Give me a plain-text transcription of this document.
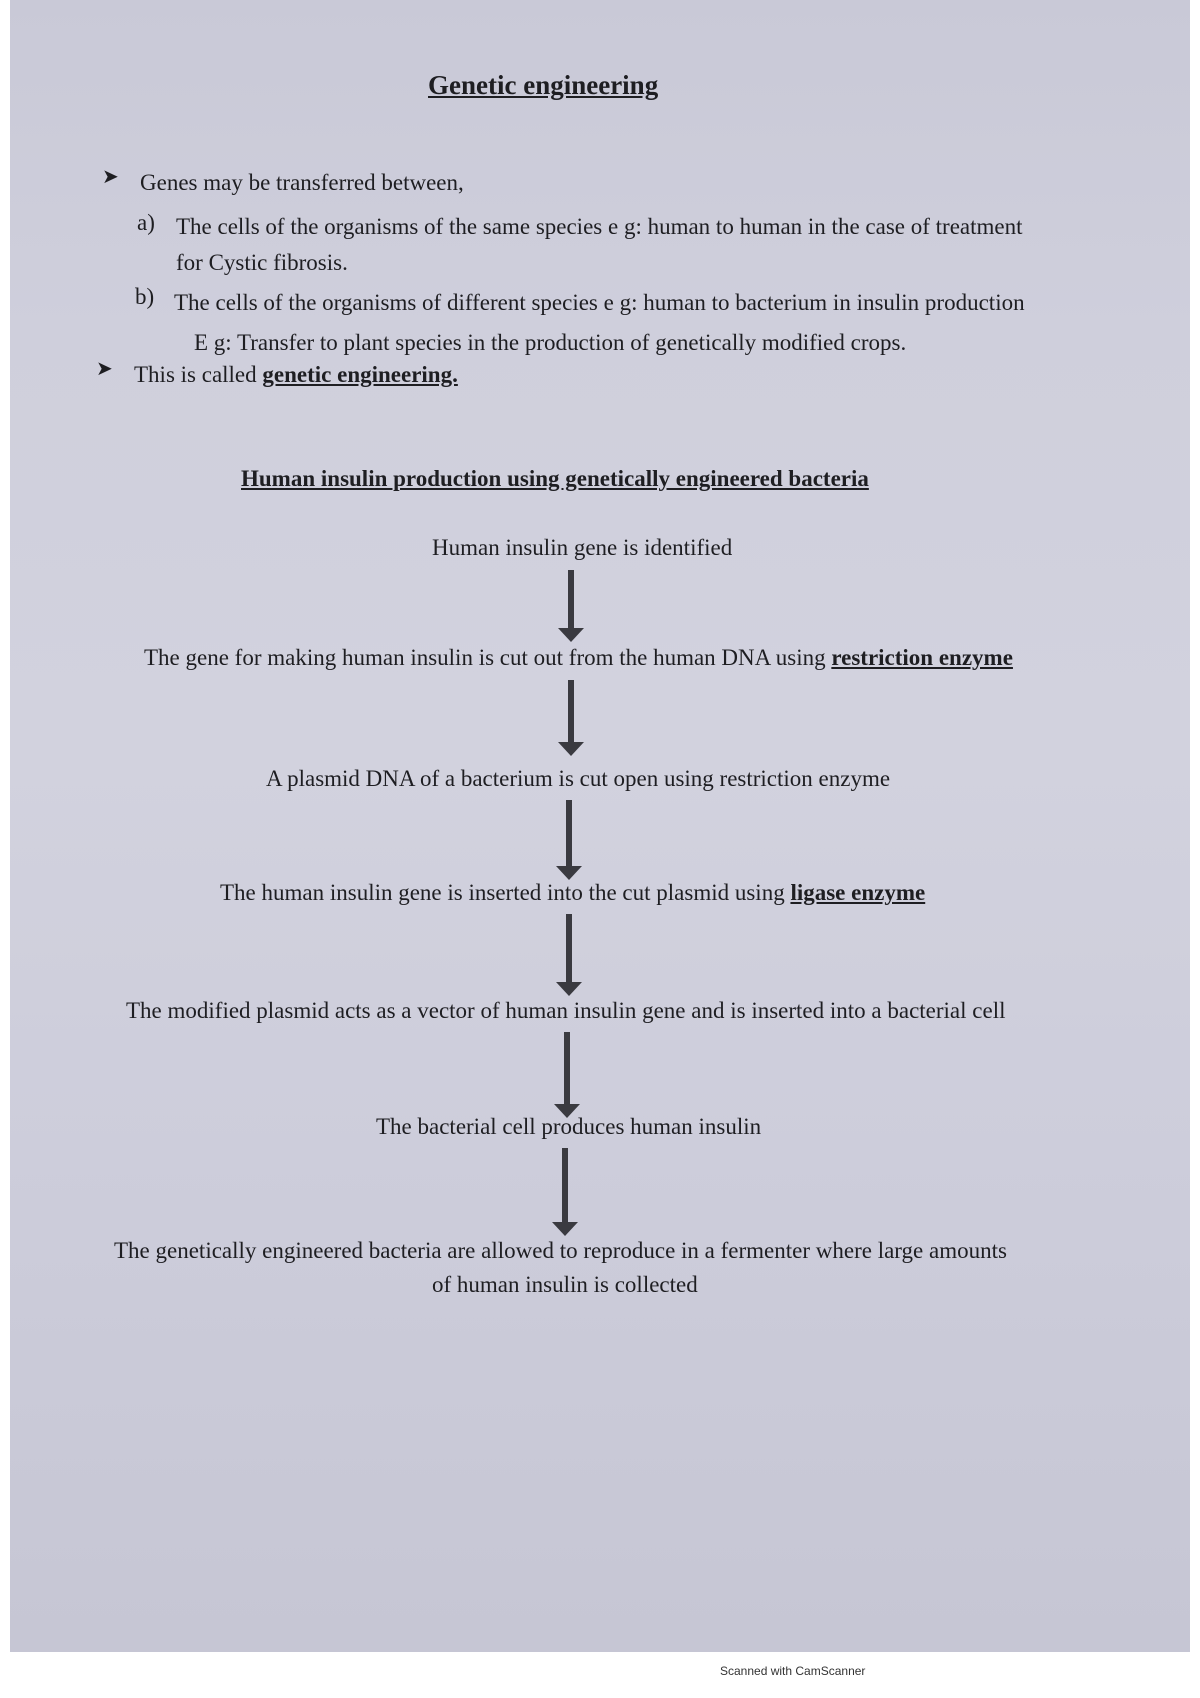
Genetic engineering
➤ Genes may be transferred between,
a) The cells of the organisms of the same species e g: human to human in the case of treatment
for Cystic fibrosis.
b) The cells of the organisms of different species e g: human to bacterium in insulin production
E g: Transfer to plant species in the production of genetically modified crops.
➤ This is called genetic engineering.
Human insulin production using genetically engineered bacteria
Human insulin gene is identified
The gene for making human insulin is cut out from the human DNA using restriction enzyme
A plasmid DNA of a bacterium is cut open using restriction enzyme
The human insulin gene is inserted into the cut plasmid using ligase enzyme
The modified plasmid acts as a vector of human insulin gene and is inserted into a bacterial cell
The bacterial cell produces human insulin
The genetically engineered bacteria are allowed to reproduce in a fermenter where large amounts
of human insulin is collected
Scanned with CamScanner
